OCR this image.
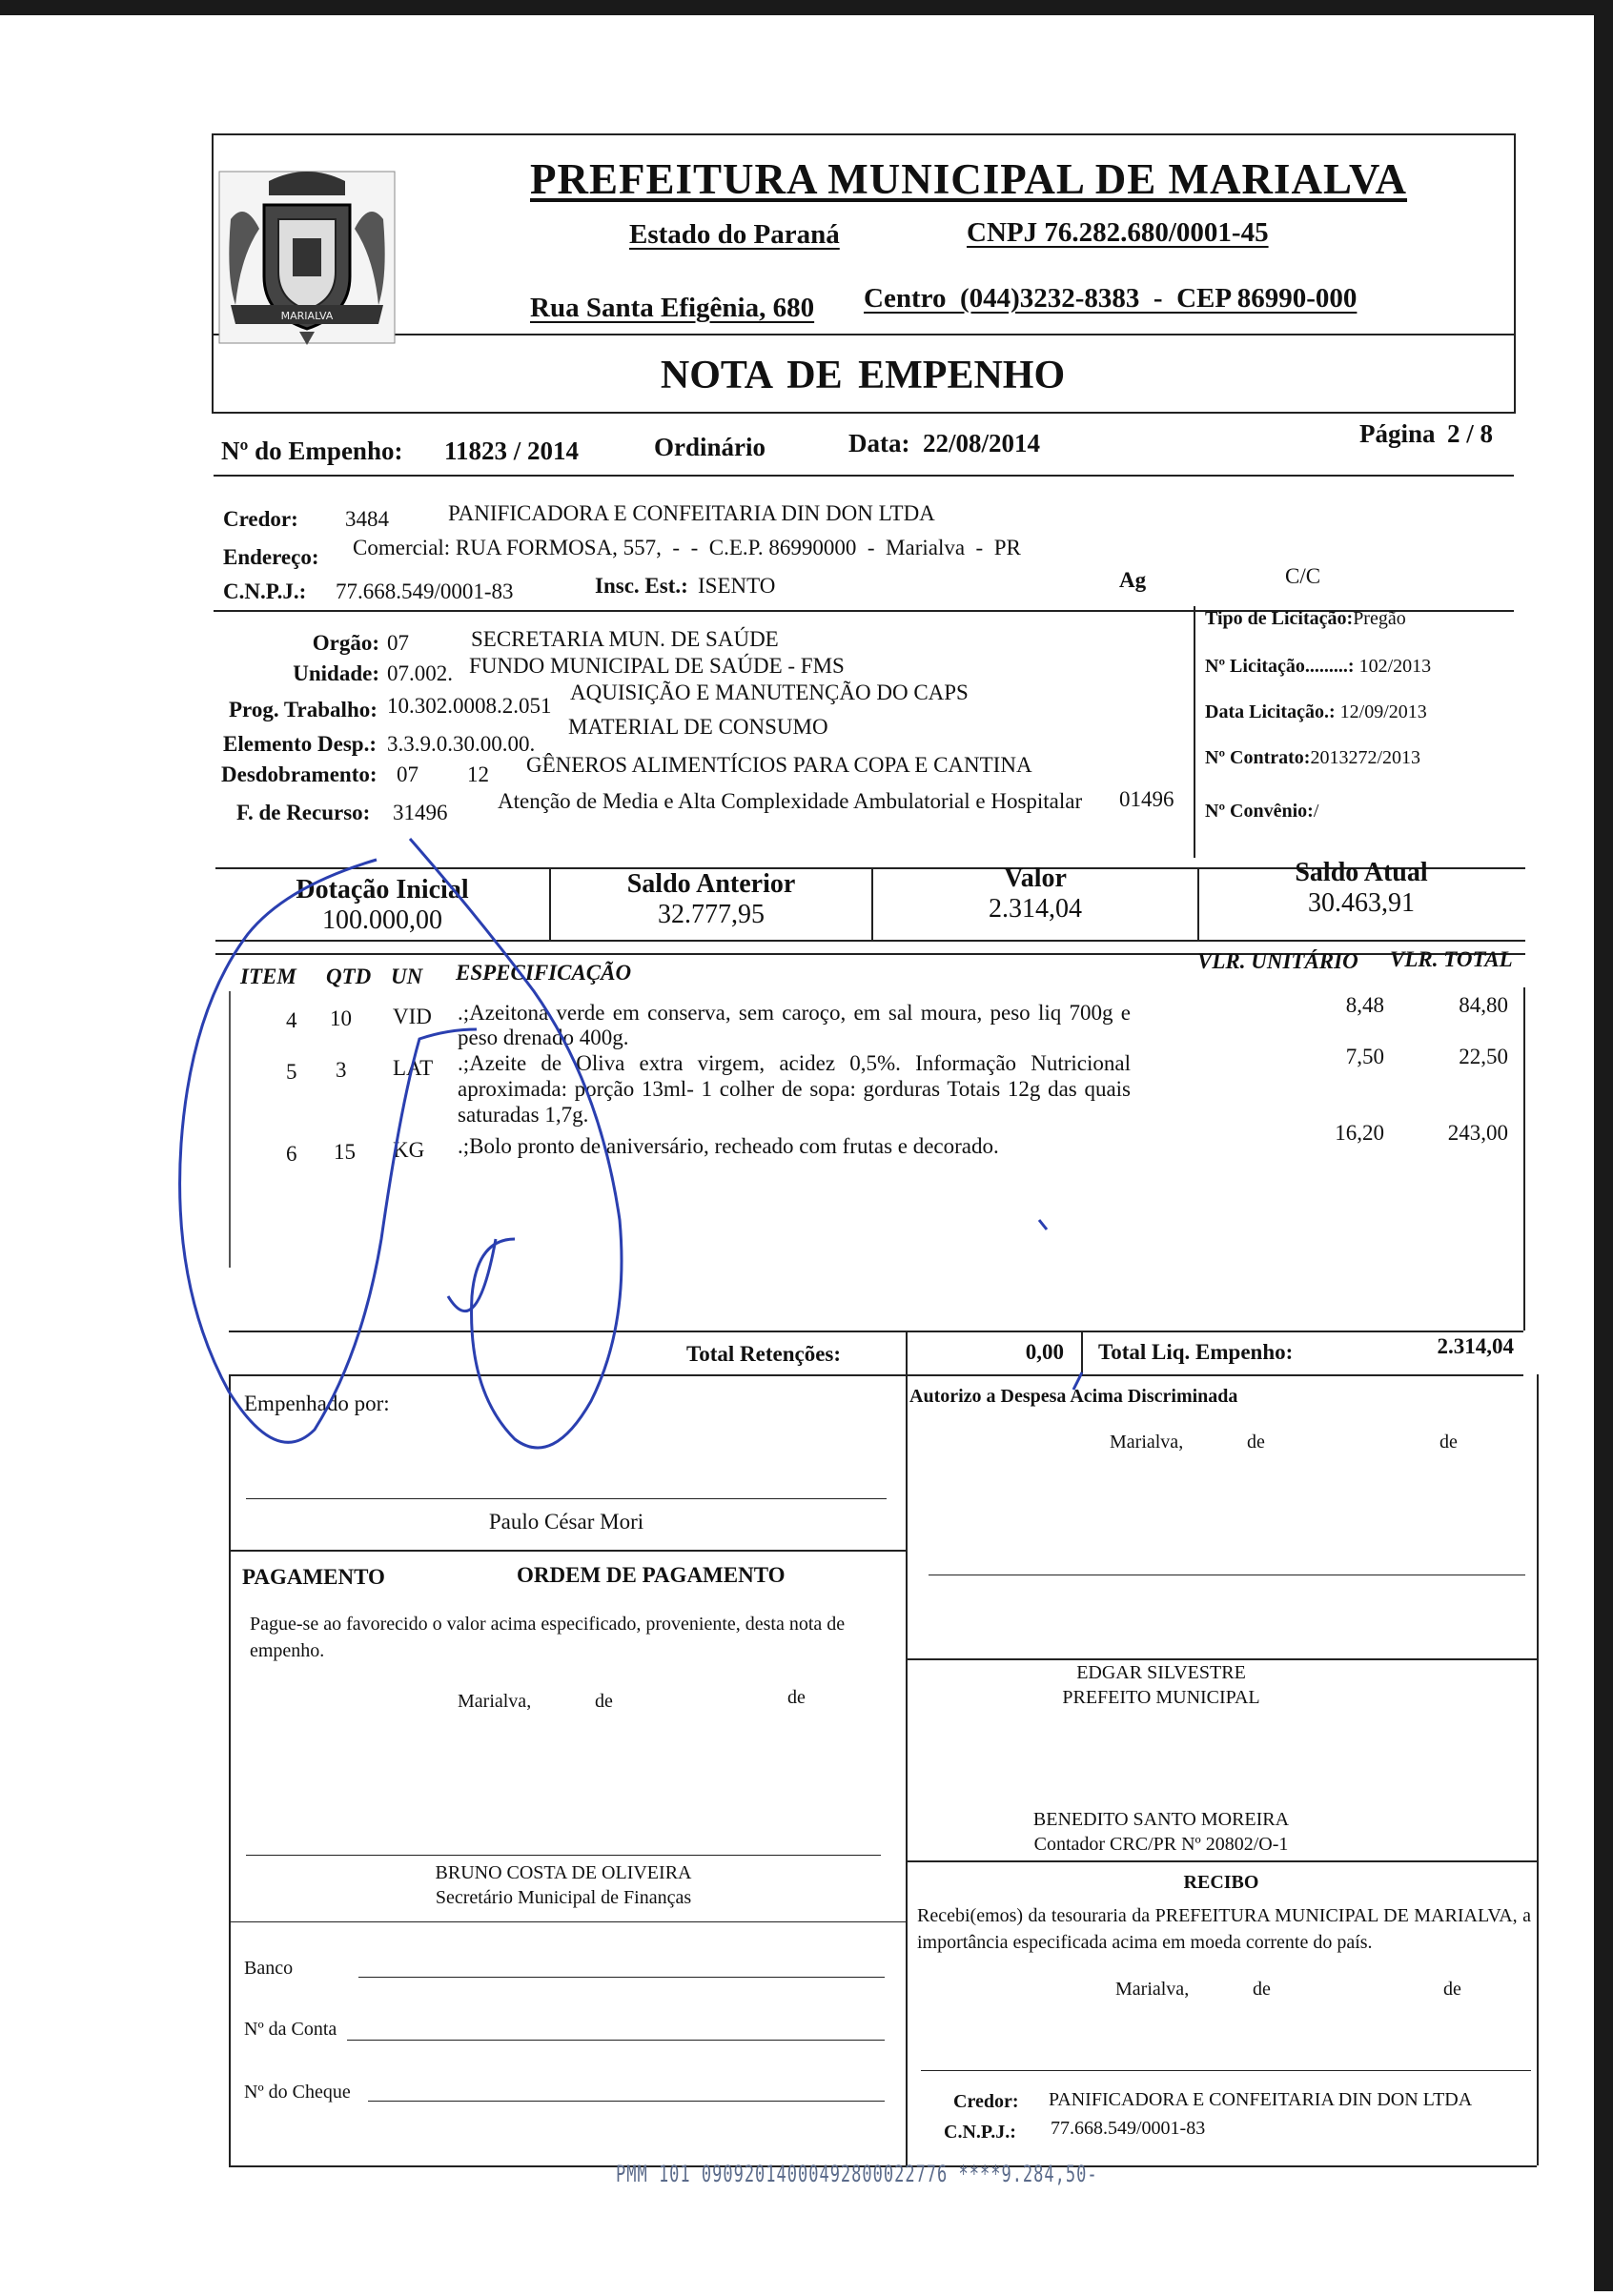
MARIALVA
PREFEITURA MUNICIPAL DE MARIALVA
Estado do Paraná	CNPJ 76.282.680/0001-45
Rua Santa Efigênia, 680 Centro  (044)3232-8383  -  CEP 86990-000
NOTA DE EMPENHO
Nº do Empenho: 11823 / 2014	Ordinário	Data: 22/08/2014	Página 2 / 8
Credor: 3484	PANIFICADORA E CONFEITARIA DIN DON LTDA
Endereço: Comercial: RUA FORMOSA, 557,  -  -  C.E.P. 86990000  -  Marialva  -  PR
C.N.P.J.: 77.668.549/0001-83	Insc. Est.: ISENTO	Ag	C/C
Orgão: 07	SECRETARIA MUN. DE SAÚDE
Unidade: 07.002. FUNDO MUNICIPAL DE SAÚDE - FMS
Prog. Trabalho: 10.302.0008.2.051
AQUISIÇÃO E MANUTENÇÃO DO CAPS
Elemento Desp.: 3.3.9.0.30.00.00.
MATERIAL DE CONSUMO
Desdobramento: 07 12 GÊNEROS ALIMENTÍCIOS PARA COPA E CANTINA
F. de Recurso: 31496 Atenção de Media e Alta Complexidade Ambulatorial e Hospitalar 01496
Tipo de Licitação:Pregão
Nº Licitação.........: 102/2013
Data Licitação.: 12/09/2013
Nº Contrato:2013272/2013
Nº Convênio:/
Dotação Inicial
100.000,00
Saldo Anterior
32.777,95
Valor
2.314,04
Saldo Atual
30.463,91
ITEM QTD UN ESPECIFICAÇÃO	VLR. UNITÁRIO VLR. TOTAL
4 10 VID .;Azeitona verde em conserva, sem caroço, em sal moura, peso liq 700g e peso drenado 400g.
8,48	84,80
5 3 LAT .;Azeite de Oliva extra virgem, acidez 0,5%. Informação Nutricional aproximada: porção 13ml- 1 colher de sopa: gorduras Totais 12g das quais saturadas 1,7g.
7,50	22,50
6 15 KG .;Bolo pronto de aniversário, recheado com frutas e decorado.
16,20	243,00
Total Retenções:	0,00 Total Liq. Empenho:	2.314,04
Empenhado por:
Paulo César Mori
PAGAMENTO	ORDEM DE PAGAMENTO
Pague-se ao favorecido o valor acima especificado, proveniente, desta nota de empenho.
Marialva,	de	de
BRUNO COSTA DE OLIVEIRA
Secretário Municipal de Finanças
Banco
Nº da Conta
Nº do Cheque
Autorizo a Despesa Acima Discriminada
Marialva,	de	de
EDGAR SILVESTRE
PREFEITO MUNICIPAL
BENEDITO SANTO MOREIRA
Contador CRC/PR Nº 20802/O-1
RECIBO
Recebi(emos) da tesouraria da PREFEITURA MUNICIPAL DE MARIALVA, a importância especificada acima em moeda corrente do país.
Marialva,	de	de
Credor: PANIFICADORA E CONFEITARIA DIN DON LTDA
C.N.P.J.: 77.668.549/0001-83
PMM 101 09092014000492800022776 ****9.284,50-
